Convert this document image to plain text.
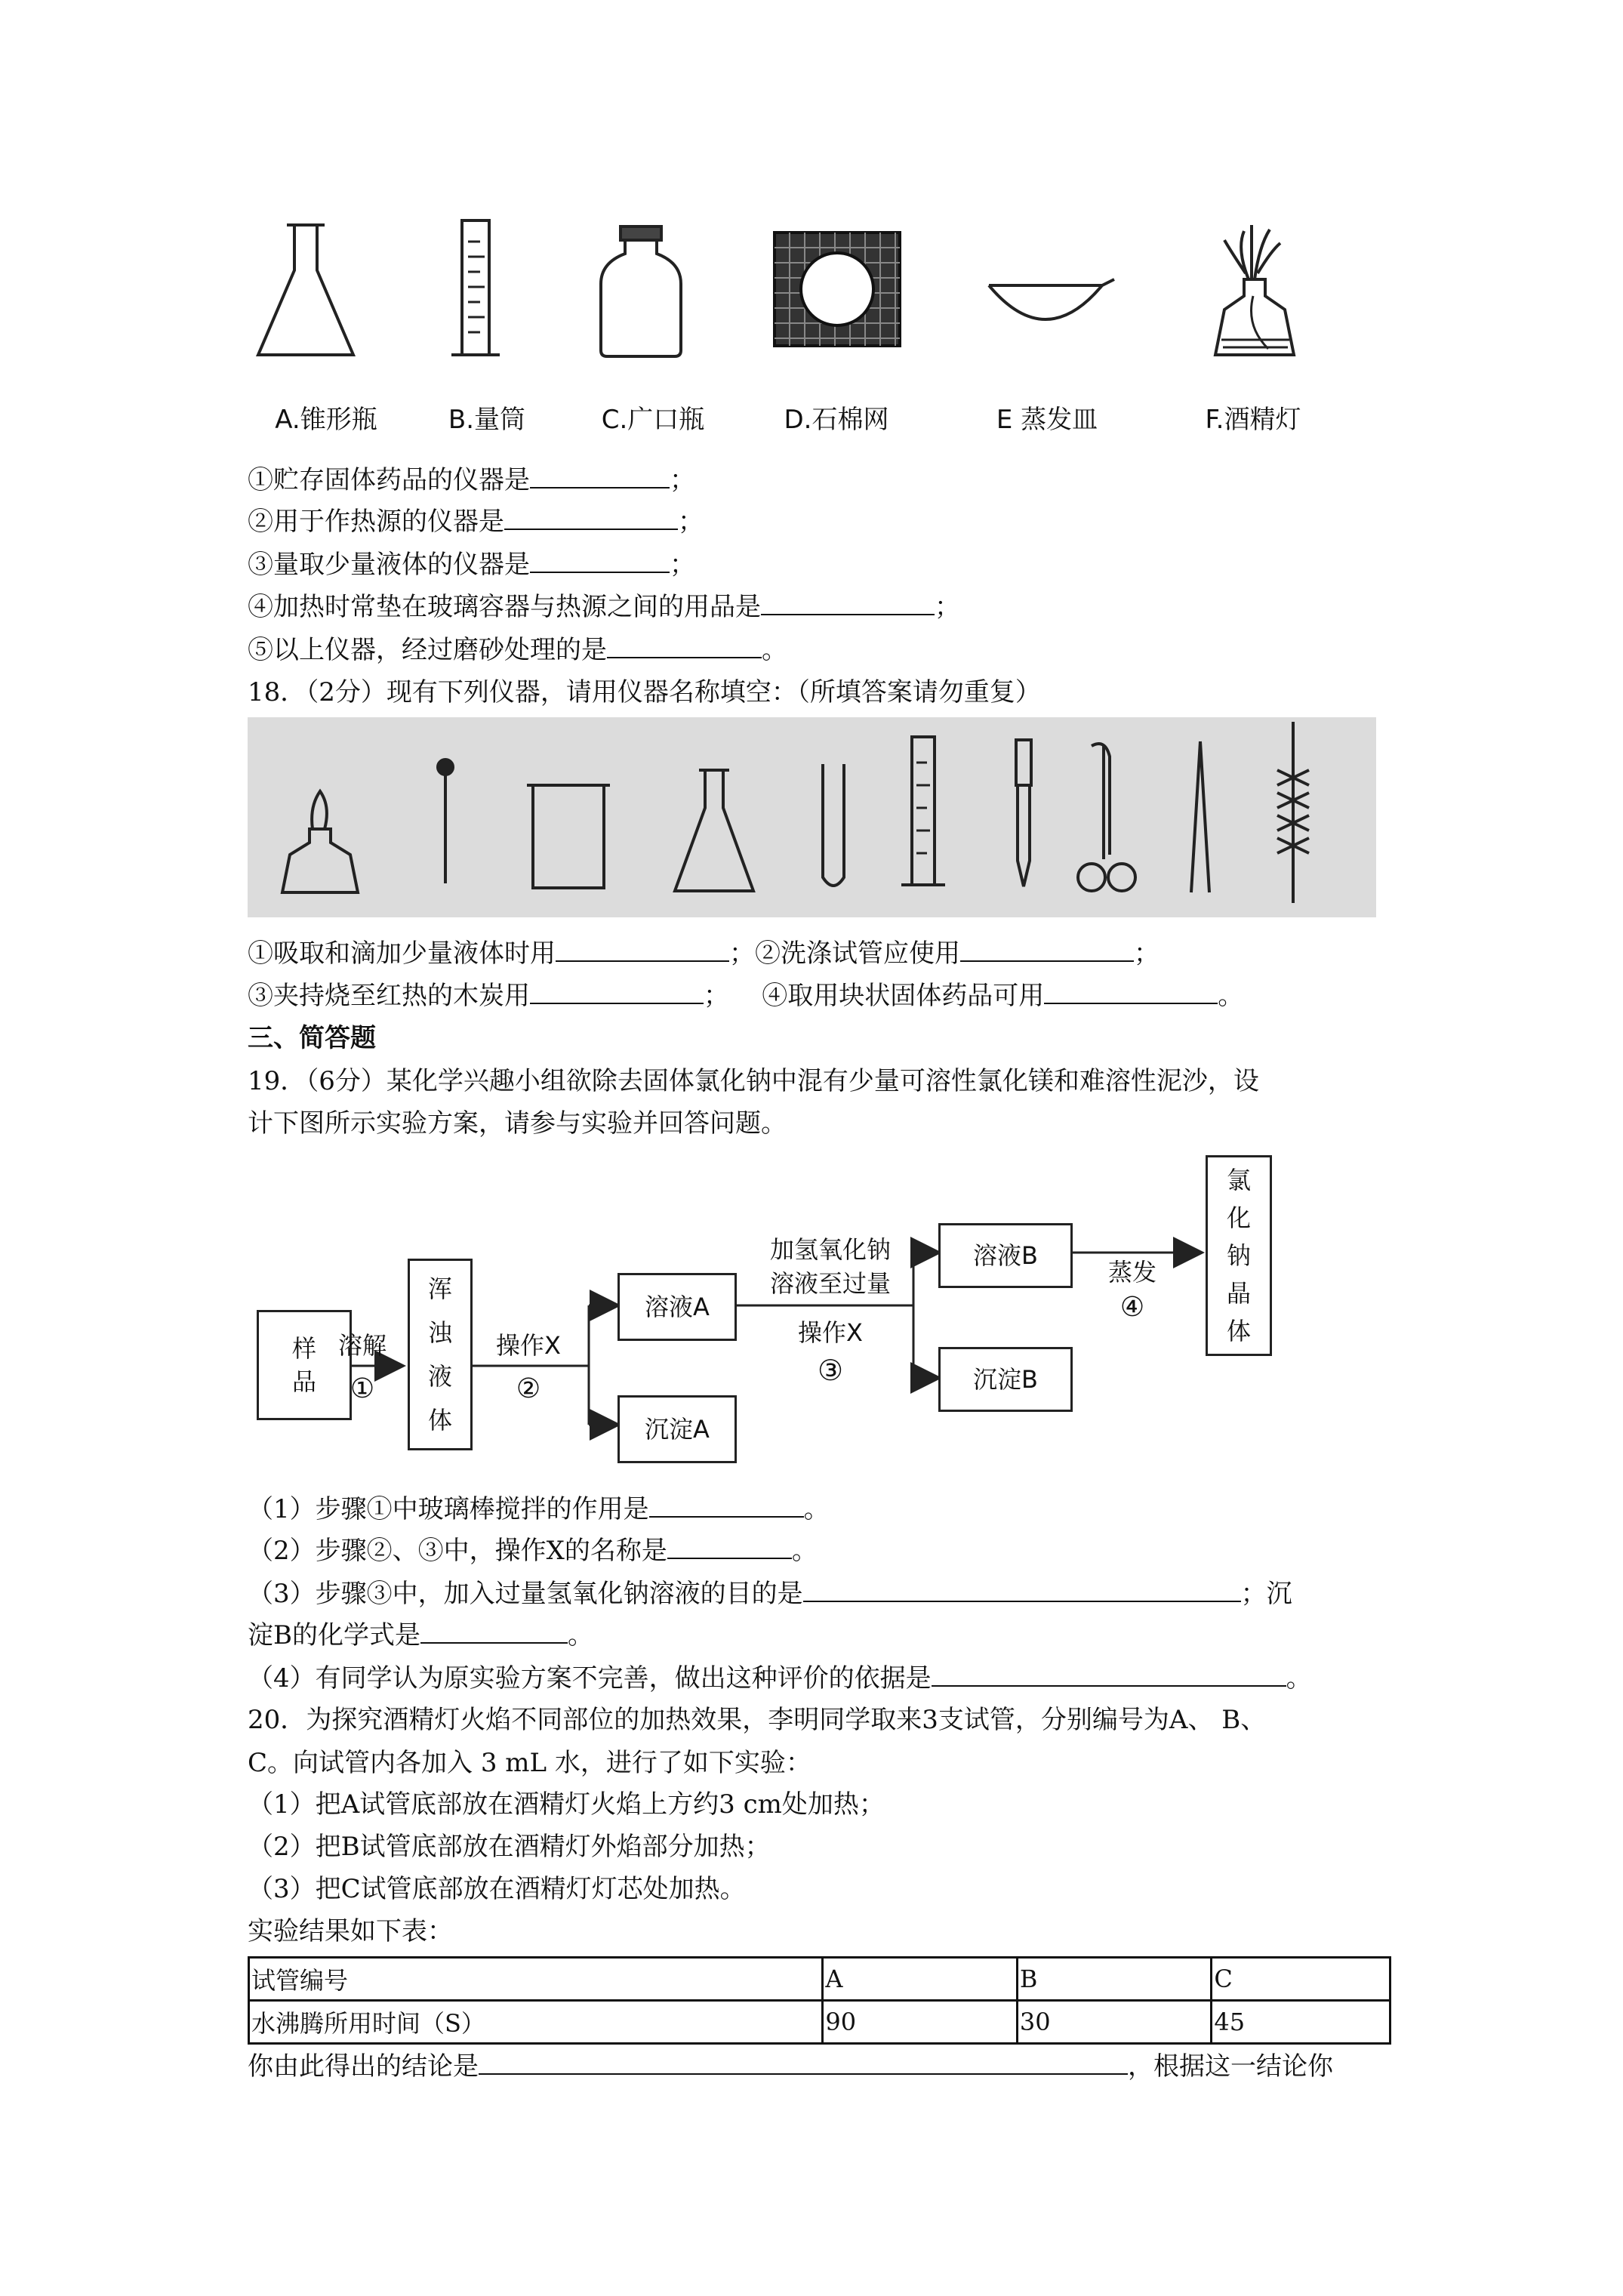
A.锥形瓶	B.量筒	C.广口瓶	D.石棉网	E 蒸发皿	F.酒精灯
①贮存固体药品的仪器是	；
②用于作热源的仪器是	；
③量取少量液体的仪器是	；
④加热时常垫在玻璃容器与热源之间的用品是	；
⑤以上仪器，经过磨砂处理的是	。
18．（2分）现有下列仪器，请用仪器名称填空：（所填答案请勿重复）
①吸取和滴加少量液体时用	；②洗涤试管应使用	；
③夹持烧至红热的木炭用	； ④取用块状固体药品可用	。
三、简答题
19．（6分）某化学兴趣小组欲除去固体氯化钠中混有少量可溶性氯化镁和难溶性泥沙，设
计下图所示实验方案，请参与实验并回答问题。
样品
浑浊液体
溶液A
沉淀A
溶液B
沉淀B
氯化钠晶体
溶解
①
操作X
②
加氢氧化钠
溶液至过量
操作X
③
蒸发
④
（1）步骤①中玻璃棒搅拌的作用是	。
（2）步骤②、③中，操作X的名称是	。
（3）步骤③中，加入过量氢氧化钠溶液的目的是	；沉
淀B的化学式是	。
（4）有同学认为原实验方案不完善，做出这种评价的依据是	。
20．为探究酒精灯火焰不同部位的加热效果，李明同学取来3支试管，分别编号为A、 B、
C。向试管内各加入 3 mL 水，进行了如下实验：
（1）把A试管底部放在酒精灯火焰上方约3 cm处加热；
（2）把B试管底部放在酒精灯外焰部分加热；
（3）把C试管底部放在酒精灯灯芯处加热。
实验结果如下表：
试管编号	A	B	C
水沸腾所用时间（S）	90	30	45
你由此得出的结论是	，根据这一结论你
